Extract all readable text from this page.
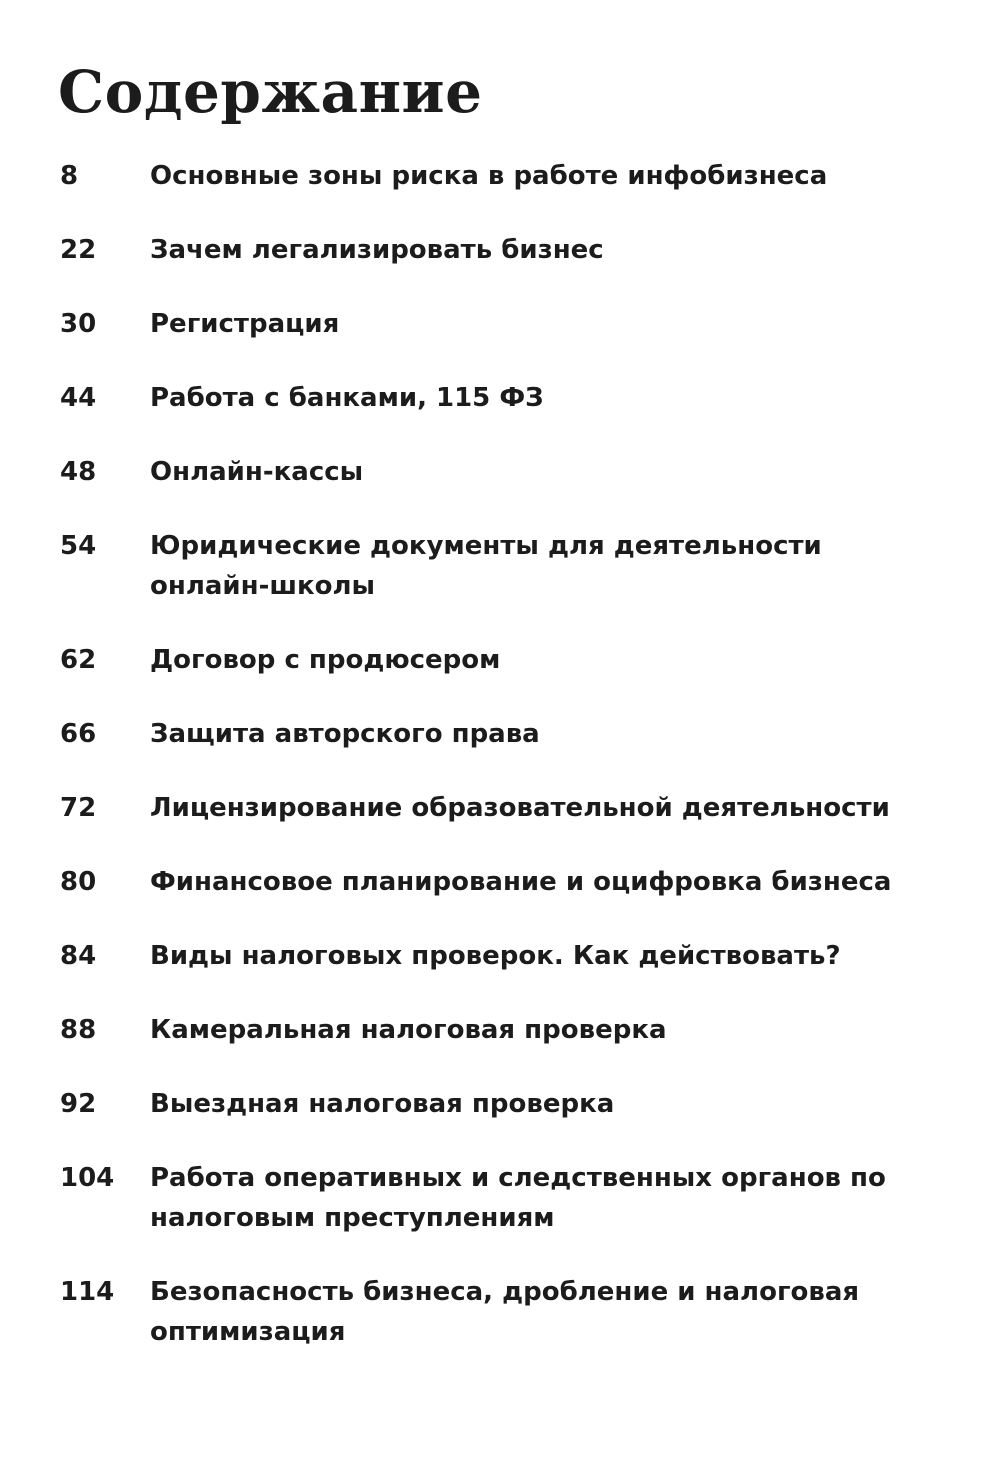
Содержание
8	Основные зоны риска в работе инфобизнеса
22	Зачем легализировать бизнес
30	Регистрация
44	Работа с банками, 115 ФЗ
48	Онлайн-кассы
54	Юридические документы для деятельности онлайн-школы
62	Договор с продюсером
66	Защита авторского права
72	Лицензирование образовательной деятельности
80	Финансовое планирование и оцифровка бизнеса
84	Виды налоговых проверок. Как действовать?
88	Камеральная налоговая проверка
92	Выездная налоговая проверка
104	Работа оперативных и следственных органов по налоговым преступлениям
114	Безопасность бизнеса, дробление и налоговая оптимизация
